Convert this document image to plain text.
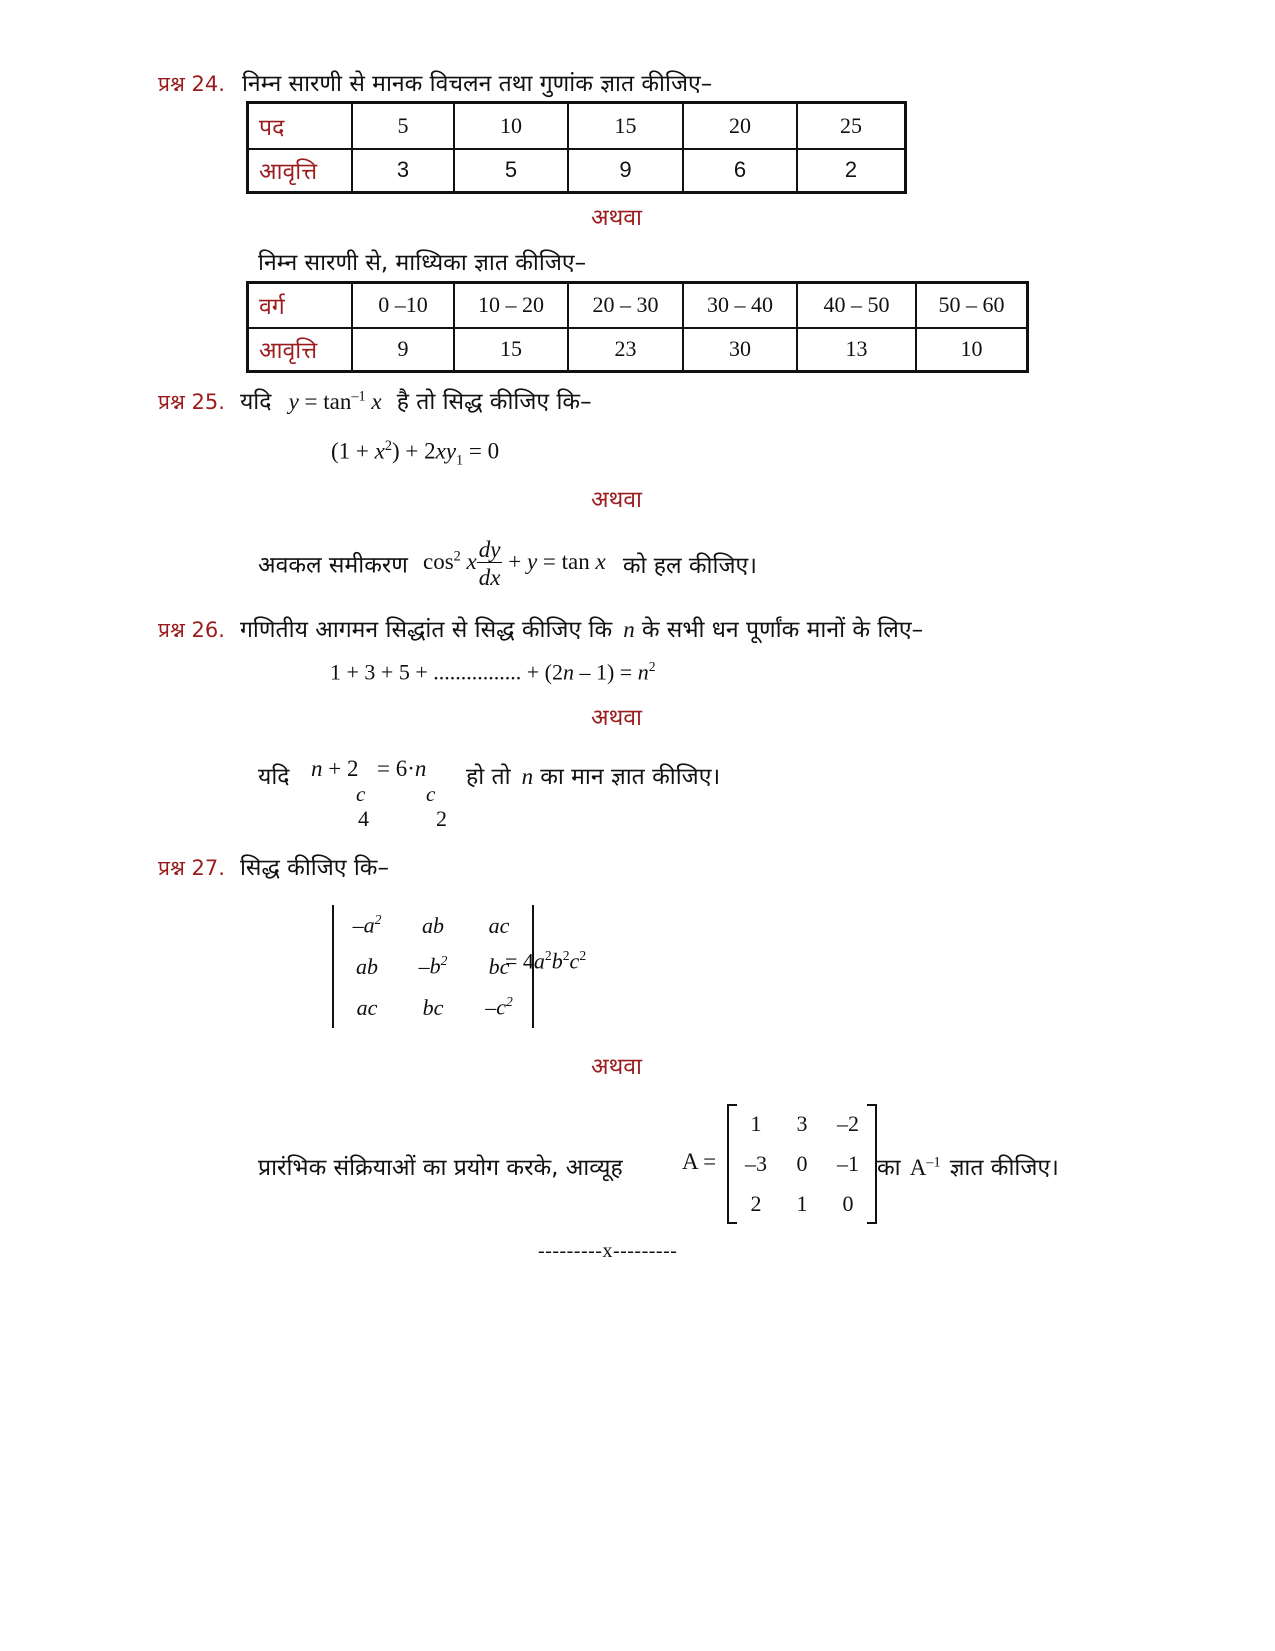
प्रश्न 24. निम्न सारणी से मानक विचलन तथा गुणांक ज्ञात कीजिए–
पद	5	10	15	20	25
आवृत्ति	3	5	9	6	2
अथवा
निम्न सारणी से, माध्यिका ज्ञात कीजिए–
वर्ग	0 –10	10 – 20	20 – 30	30 – 40	40 – 50	50 – 60
आवृत्ति	9	15	23	30	13	10
प्रश्न 25. यदि $y = \tan^{-1} x$ है तो सिद्ध कीजिए कि–
$(1 + x^2) + 2xy_1 = 0$
अथवा
अवकल समीकरण $\cos^2 x \frac{dy}{dx} + y = \tan x$ को हल कीजिए।
प्रश्न 26. गणितीय आगमन सिद्धांत से सिद्ध कीजिए कि n के सभी धन पूर्णांक मानों के लिए–
1 + 3 + 5 + ................ + $(2n - 1) = n^2$
अथवा
यदि n + 2
c
4
= 6·n
c
2
हो तो n का मान ज्ञात कीजिए।
प्रश्न 27. सिद्ध कीजिए कि–
$-a^2$	ab	ac
ab	$-b^2$	bc
ac	bc	$-c^2$
= $4a^2b^2c^2$
अथवा
प्रारंभिक संक्रियाओं का प्रयोग करके, आव्यूह	A =
1	3	–2
–3	0	–1
2	1	0
का $A^{-1}$ ज्ञात कीजिए।
---------x---------
